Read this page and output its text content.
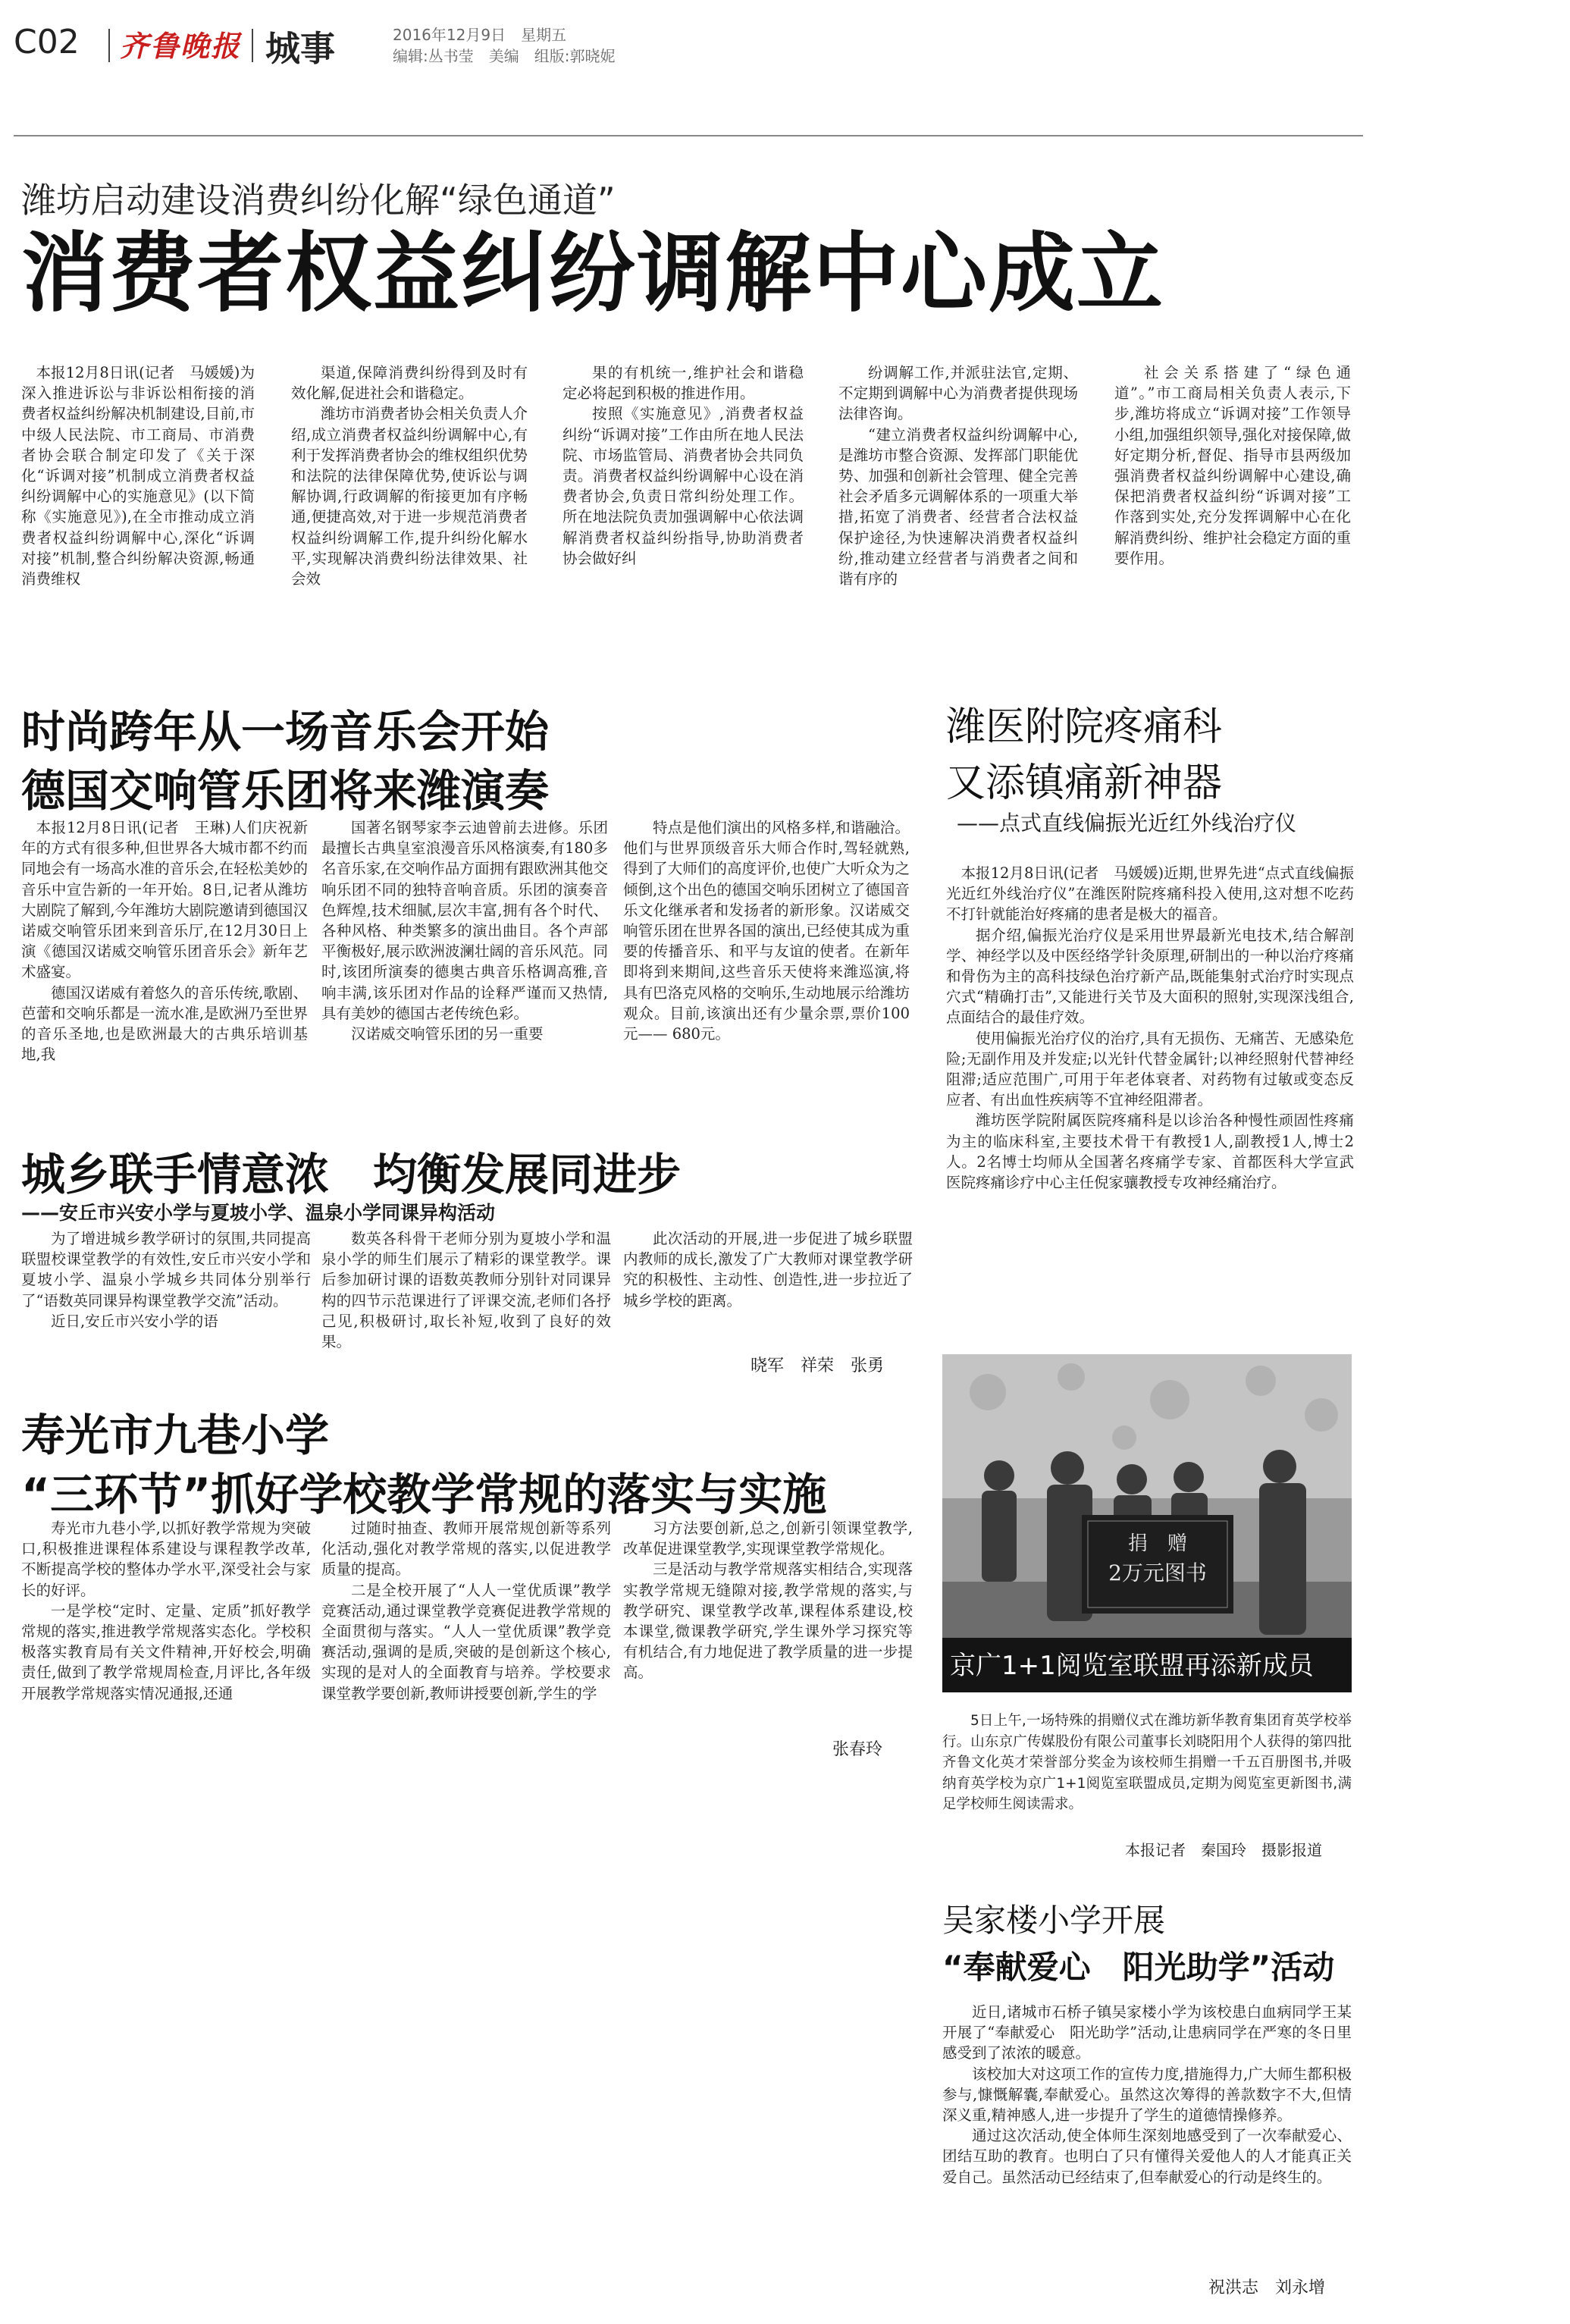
C02 齐鲁晚报 城事	2016年12月9日　星期五
编辑:丛书莹　美编　组版:郭晓妮
潍坊启动建设消费纠纷化解“绿色通道”
消费者权益纠纷调解中心成立

本报12月8日讯(记者　马媛媛)为深入推进诉讼与非诉讼相衔接的消费者权益纠纷解决机制建设,目前,市中级人民法院、市工商局、市消费者协会联合制定印发了《关于深化“诉调对接”机制成立消费者权益纠纷调解中心的实施意见》(以下简称《实施意见》),在全市推动成立消费者权益纠纷调解中心,深化“诉调对接”机制,整合纠纷解决资源,畅通消费维权

渠道,保障消费纠纷得到及时有效化解,促进社会和谐稳定。

潍坊市消费者协会相关负责人介绍,成立消费者权益纠纷调解中心,有利于发挥消费者协会的维权组织优势和法院的法律保障优势,使诉讼与调解协调,行政调解的衔接更加有序畅通,便捷高效,对于进一步规范消费者权益纠纷调解工作,提升纠纷化解水平,实现解决消费纠纷法律效果、社会效

果的有机统一,维护社会和谐稳定必将起到积极的推进作用。

按照《实施意见》,消费者权益纠纷“诉调对接”工作由所在地人民法院、市场监管局、消费者协会共同负责。消费者权益纠纷调解中心设在消费者协会,负责日常纠纷处理工作。所在地法院负责加强调解中心依法调解消费者权益纠纷指导,协助消费者协会做好纠

纷调解工作,并派驻法官,定期、不定期到调解中心为消费者提供现场法律咨询。

“建立消费者权益纠纷调解中心,是潍坊市整合资源、发挥部门职能优势、加强和创新社会管理、健全完善社会矛盾多元调解体系的一项重大举措,拓宽了消费者、经营者合法权益保护途径,为快速解决消费者权益纠纷,推动建立经营者与消费者之间和谐有序的

社会关系搭建了“绿色通道”。”市工商局相关负责人表示,下步,潍坊将成立“诉调对接”工作领导小组,加强组织领导,强化对接保障,做好定期分析,督促、指导市县两级加强消费者权益纠纷调解中心建设,确保把消费者权益纠纷“诉调对接”工作落到实处,充分发挥调解中心在化解消费纠纷、维护社会稳定方面的重要作用。

时尚跨年从一场音乐会开始
德国交响管乐团将来潍演奏

本报12月8日讯(记者　王琳)人们庆祝新年的方式有很多种,但世界各大城市都不约而同地会有一场高水准的音乐会,在轻松美妙的音乐中宣告新的一年开始。8日,记者从潍坊大剧院了解到,今年潍坊大剧院邀请到德国汉诺威交响管乐团来到音乐厅,在12月30日上演《德国汉诺威交响管乐团音乐会》新年艺术盛宴。

德国汉诺威有着悠久的音乐传统,歌剧、芭蕾和交响乐都是一流水准,是欧洲乃至世界的音乐圣地,也是欧洲最大的古典乐培训基地,我

国著名钢琴家李云迪曾前去进修。乐团最擅长古典皇室浪漫音乐风格演奏,有180多名音乐家,在交响作品方面拥有跟欧洲其他交响乐团不同的独特音响音质。乐团的演奏音色辉煌,技术细腻,层次丰富,拥有各个时代、各种风格、种类繁多的演出曲目。各个声部平衡极好,展示欧洲波澜壮阔的音乐风范。同时,该团所演奏的德奥古典音乐格调高雅,音响丰满,该乐团对作品的诠释严谨而又热情,具有美妙的德国古老传统色彩。

汉诺威交响管乐团的另一重要

特点是他们演出的风格多样,和谐融洽。他们与世界顶级音乐大师合作时,驾轻就熟,得到了大师们的高度评价,也使广大听众为之倾倒,这个出色的德国交响乐团树立了德国音乐文化继承者和发扬者的新形象。汉诺威交响管乐团在世界各国的演出,已经使其成为重要的传播音乐、和平与友谊的使者。在新年即将到来期间,这些音乐天使将来潍巡演,将具有巴洛克风格的交响乐,生动地展示给潍坊观众。目前,该演出还有少量余票,票价100元—— 680元。

潍医附院疼痛科
又添镇痛新神器
——点式直线偏振光近红外线治疗仪

本报12月8日讯(记者　马媛媛)近期,世界先进“点式直线偏振光近红外线治疗仪”在潍医附院疼痛科投入使用,这对想不吃药不打针就能治好疼痛的患者是极大的福音。

据介绍,偏振光治疗仪是采用世界最新光电技术,结合解剖学、神经学以及中医经络学针灸原理,研制出的一种以治疗疼痛和骨伤为主的高科技绿色治疗新产品,既能集射式治疗时实现点穴式“精确打击”,又能进行关节及大面积的照射,实现深浅组合,点面结合的最佳疗效。

使用偏振光治疗仪的治疗,具有无损伤、无痛苦、无感染危险;无副作用及并发症;以光针代替金属针;以神经照射代替神经阻滞;适应范围广,可用于年老体衰者、对药物有过敏或变态反应者、有出血性疾病等不宜神经阻滞者。

潍坊医学院附属医院疼痛科是以诊治各种慢性顽固性疼痛为主的临床科室,主要技术骨干有教授1人,副教授1人,博士2人。2名博士均师从全国著名疼痛学专家、首都医科大学宣武医院疼痛诊疗中心主任倪家骧教授专攻神经痛治疗。

城乡联手情意浓　均衡发展同进步
——安丘市兴安小学与夏坡小学、温泉小学同课异构活动

为了增进城乡教学研讨的氛围,共同提高联盟校课堂教学的有效性,安丘市兴安小学和夏坡小学、温泉小学城乡共同体分别举行了“语数英同课异构课堂教学交流”活动。

近日,安丘市兴安小学的语

数英各科骨干老师分别为夏坡小学和温泉小学的师生们展示了精彩的课堂教学。课后参加研讨课的语数英教师分别针对同课异构的四节示范课进行了评课交流,老师们各抒己见,积极研讨,取长补短,收到了良好的效果。

此次活动的开展,进一步促进了城乡联盟内教师的成长,激发了广大教师对课堂教学研究的积极性、主动性、创造性,进一步拉近了城乡学校的距离。

晓军　祥荣　张勇
寿光市九巷小学
“三环节”抓好学校教学常规的落实与实施

寿光市九巷小学,以抓好教学常规为突破口,积极推进课程体系建设与课程教学改革,不断提高学校的整体办学水平,深受社会与家长的好评。

一是学校“定时、定量、定质”抓好教学常规的落实,推进教学常规落实态化。学校积极落实教育局有关文件精神,开好校会,明确责任,做到了教学常规周检查,月评比,各年级开展教学常规落实情况通报,还通

过随时抽查、教师开展常规创新等系列化活动,强化对教学常规的落实,以促进教学质量的提高。

二是全校开展了“人人一堂优质课”教学竞赛活动,通过课堂教学竞赛促进教学常规的全面贯彻与落实。“人人一堂优质课”教学竞赛活动,强调的是质,突破的是创新这个核心,实现的是对人的全面教育与培养。学校要求课堂教学要创新,教师讲授要创新,学生的学

习方法要创新,总之,创新引领课堂教学,改革促进课堂教学,实现课堂教学常规化。

三是活动与教学常规落实相结合,实现落实教学常规无缝隙对接,教学常规的落实,与教学研究、课堂教学改革,课程体系建设,校本课堂,微课教学研究,学生课外学习探究等有机结合,有力地促进了教学质量的进一步提高。

张春玲
捐　赠
2万元图书
京广1+1阅览室联盟再添新成员
5日上午,一场特殊的捐赠仪式在潍坊新华教育集团育英学校举行。山东京广传媒股份有限公司董事长刘晓阳用个人获得的第四批齐鲁文化英才荣誉部分奖金为该校师生捐赠一千五百册图书,并吸纳育英学校为京广1+1阅览室联盟成员,定期为阅览室更新图书,满足学校师生阅读需求。
本报记者　秦国玲　摄影报道
吴家楼小学开展
“奉献爱心　阳光助学”活动

近日,诸城市石桥子镇吴家楼小学为该校患白血病同学王某开展了“奉献爱心　阳光助学”活动,让患病同学在严寒的冬日里感受到了浓浓的暖意。

该校加大对这项工作的宣传力度,措施得力,广大师生都积极参与,慷慨解囊,奉献爱心。虽然这次筹得的善款数字不大,但情深义重,精神感人,进一步提升了学生的道德情操修养。

通过这次活动,使全体师生深刻地感受到了一次奉献爱心、团结互助的教育。也明白了只有懂得关爱他人的人才能真正关爱自己。虽然活动已经结束了,但奉献爱心的行动是终生的。

祝洪志　刘永增
